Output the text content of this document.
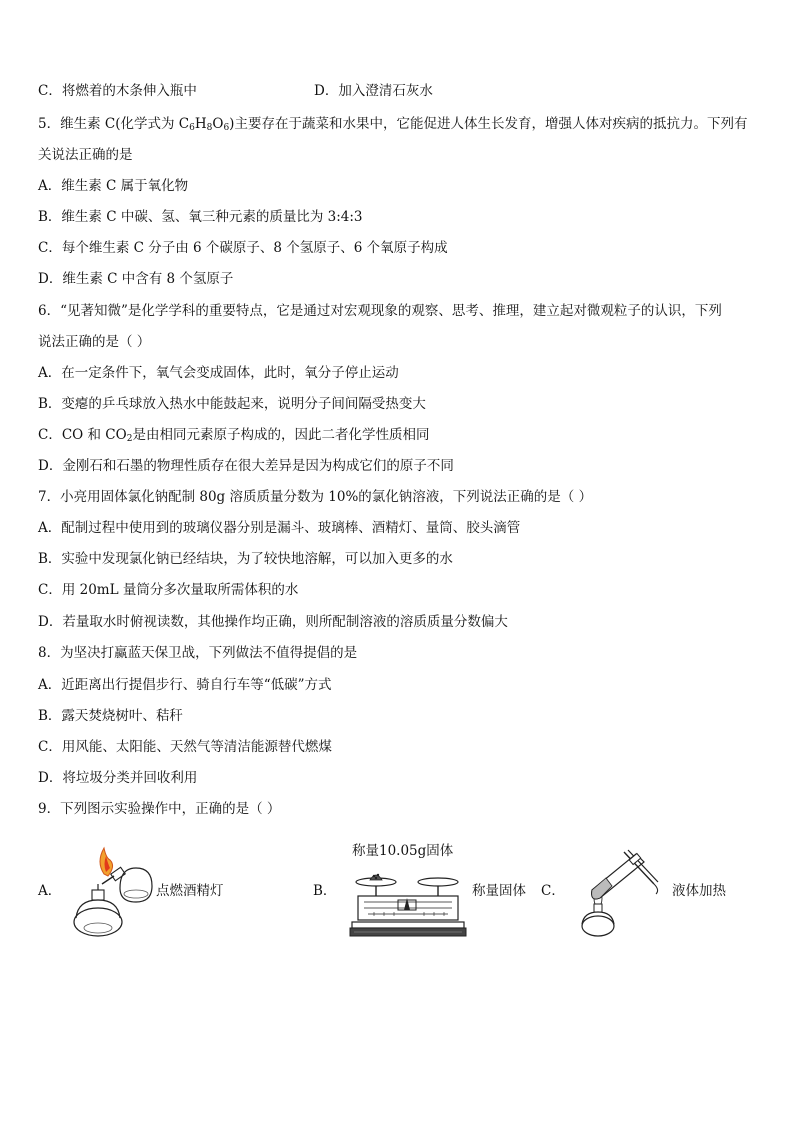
C．将燃着的木条伸入瓶中	D．加入澄清石灰水
5．维生素 C(化学式为 $C_6H_8O_6$)主要存在于蔬菜和水果中，它能促进人体生长发育，增强人体对疾病的抵抗力。下列有
关说法正确的是
A．维生素 C 属于氧化物
B．维生素 C 中碳、氢、氧三种元素的质量比为 3:4:3
C．每个维生素 C 分子由 6 个碳原子、8 个氢原子、6 个氧原子构成
D．维生素 C 中含有 8 个氢原子
6．“见著知微”是化学学科的重要特点，它是通过对宏观现象的观察、思考、推理，建立起对微观粒子的认识，下列
说法正确的是（ ）
A．在一定条件下，氧气会变成固体，此时，氧分子停止运动
B．变瘪的乒乓球放入热水中能鼓起来，说明分子间间隔受热变大
C．CO 和 $CO_2$是由相同元素原子构成的，因此二者化学性质相同
D．金刚石和石墨的物理性质存在很大差异是因为构成它们的原子不同
7．小亮用固体氯化钠配制 80g 溶质质量分数为 10%的氯化钠溶液，下列说法正确的是（ ）
A．配制过程中使用到的玻璃仪器分别是漏斗、玻璃棒、酒精灯、量筒、胶头滴管
B．实验中发现氯化钠已经结块，为了较快地溶解，可以加入更多的水
C．用 20mL 量筒分多次量取所需体积的水
D．若量取水时俯视读数，其他操作均正确，则所配制溶液的溶质质量分数偏大
8．为坚决打赢蓝天保卫战，下列做法不值得提倡的是
A．近距离出行提倡步行、骑自行车等“低碳”方式
B．露天焚烧树叶、秸秆
C．用风能、太阳能、天然气等清洁能源替代燃煤
D．将垃圾分类并回收利用
9．下列图示实验操作中，正确的是（ ）
A．	点燃酒精灯	B．
称量10.05g固体
称量固体 C．	液体加热
